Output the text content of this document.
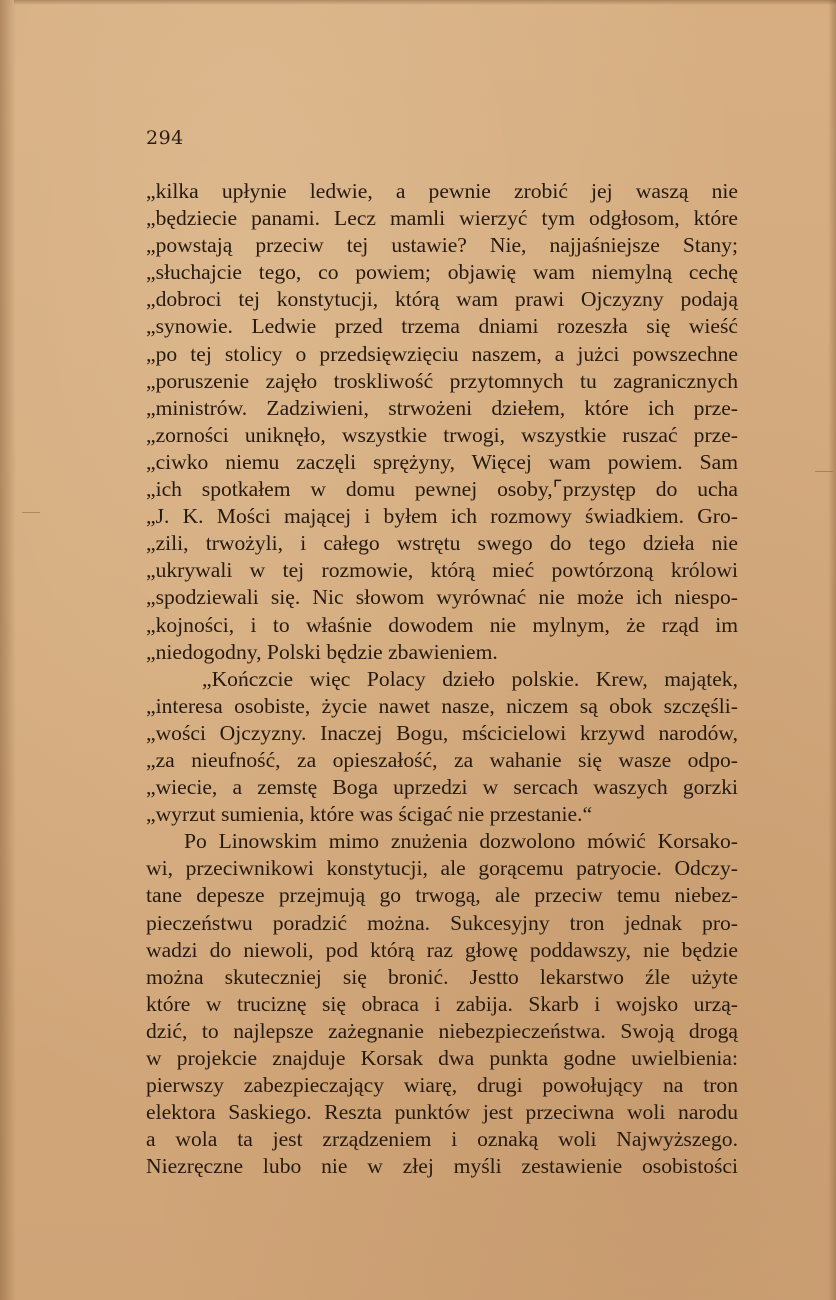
294
„kilka upłynie ledwie, a pewnie zrobić jej waszą nie
„będziecie panami. Lecz mamli wierzyć tym odgłosom, które
„powstają przeciw tej ustawie? Nie, najjaśniejsze Stany;
„słuchajcie tego, co powiem; objawię wam niemylną cechę
„dobroci tej konstytucji, którą wam prawi Ojczyzny podają
„synowie. Ledwie przed trzema dniami rozeszła się wieść
„po tej stolicy o przedsięwzięciu naszem, a jużci powszechne
„poruszenie zajęło troskliwość przytomnych tu zagranicznych
„ministrów. Zadziwieni, strwożeni dziełem, które ich prze-
„zorności uniknęło, wszystkie trwogi, wszystkie ruszać prze-
„ciwko niemu zaczęli sprężyny, Więcej wam powiem. Sam
„ich spotkałem w domu pewnej osoby,⌜przystęp do ucha
„J. K. Mości mającej i byłem ich rozmowy świadkiem. Gro-
„zili, trwożyli, i całego wstrętu swego do tego dzieła nie
„ukrywali w tej rozmowie, którą mieć powtórzoną królowi
„spodziewali się. Nic słowom wyrównać nie może ich niespo-
„kojności, i to właśnie dowodem nie mylnym, że rząd im
„niedogodny, Polski będzie zbawieniem.
„Kończcie więc Polacy dzieło polskie. Krew, majątek,
„interesa osobiste, życie nawet nasze, niczem są obok szczęśli-
„wości Ojczyzny. Inaczej Bogu, mścicielowi krzywd narodów,
„za nieufność, za opieszałość, za wahanie się wasze odpo-
„wiecie, a zemstę Boga uprzedzi w sercach waszych gorzki
„wyrzut sumienia, które was ścigać nie przestanie.“
Po Linowskim mimo znużenia dozwolono mówić Korsako-
wi, przeciwnikowi konstytucji, ale gorącemu patryocie. Odczy-
tane depesze przejmują go trwogą, ale przeciw temu niebez-
pieczeństwu poradzić można. Sukcesyjny tron jednak pro-
wadzi do niewoli, pod którą raz głowę poddawszy, nie będzie
można skuteczniej się bronić. Jestto lekarstwo źle użyte
które w truciznę się obraca i zabija. Skarb i wojsko urzą-
dzić, to najlepsze zażegnanie niebezpieczeństwa. Swoją drogą
w projekcie znajduje Korsak dwa punkta godne uwielbienia:
pierwszy zabezpieczający wiarę, drugi powołujący na tron
elektora Saskiego. Reszta punktów jest przeciwna woli narodu
a wola ta jest zrządzeniem i oznaką woli Najwyższego.
Niezręczne lubo nie w złej myśli zestawienie osobistości
